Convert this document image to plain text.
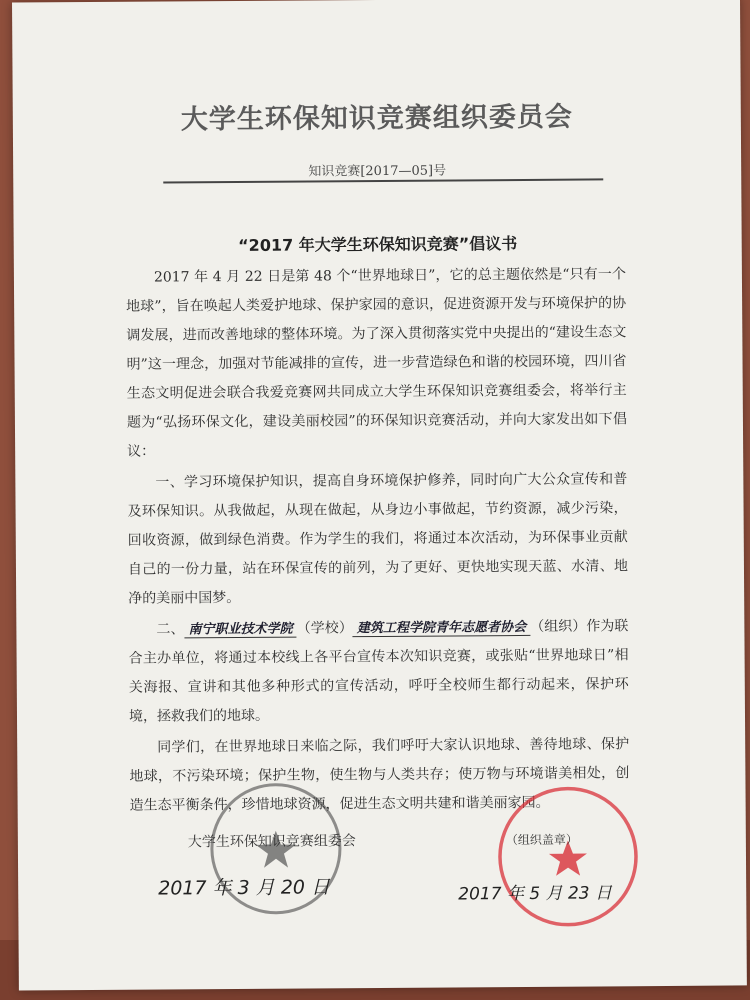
大学生环保知识竞赛组织委员会
知识竞赛[2017—05]号
“2017 年大学生环保知识竞赛”倡议书

2017 年 4 月 22 日是第 48 个“世界地球日”，它的总主题依然是“只有一个地球”，旨在唤起人类爱护地球、保护家园的意识，促进资源开发与环境保护的协调发展，进而改善地球的整体环境。为了深入贯彻落实党中央提出的“建设生态文明”这一理念，加强对节能减排的宣传，进一步营造绿色和谐的校园环境，四川省生态文明促进会联合我爱竞赛网共同成立大学生环保知识竞赛组委会，将举行主题为“弘扬环保文化，建设美丽校园”的环保知识竞赛活动，并向大家发出如下倡议：

一、学习环境保护知识，提高自身环境保护修养，同时向广大公众宣传和普及环保知识。从我做起，从现在做起，从身边小事做起，节约资源，减少污染，回收资源，做到绿色消费。作为学生的我们，将通过本次活动，为环保事业贡献自己的一份力量，站在环保宣传的前列，为了更好、更快地实现天蓝、水清、地净的美丽中国梦。

二、 南宁职业技术学院 （学校） 建筑工程学院青年志愿者协会 （组织）作为联合主办单位，将通过本校线上各平台宣传本次知识竞赛，或张贴“世界地球日”相关海报、宣讲和其他多种形式的宣传活动，呼吁全校师生都行动起来，保护环境，拯救我们的地球。

同学们，在世界地球日来临之际，我们呼吁大家认识地球、善待地球、保护地球，不污染环境；保护生物，使生物与人类共存；使万物与环境谐美相处，创造生态平衡条件，珍惜地球资源，促进生态文明共建和谐美丽家园。

大学生环保知识竞赛组委会	（组织盖章）
2017 年 3 月 20 日	2017 年 5 月 23 日
